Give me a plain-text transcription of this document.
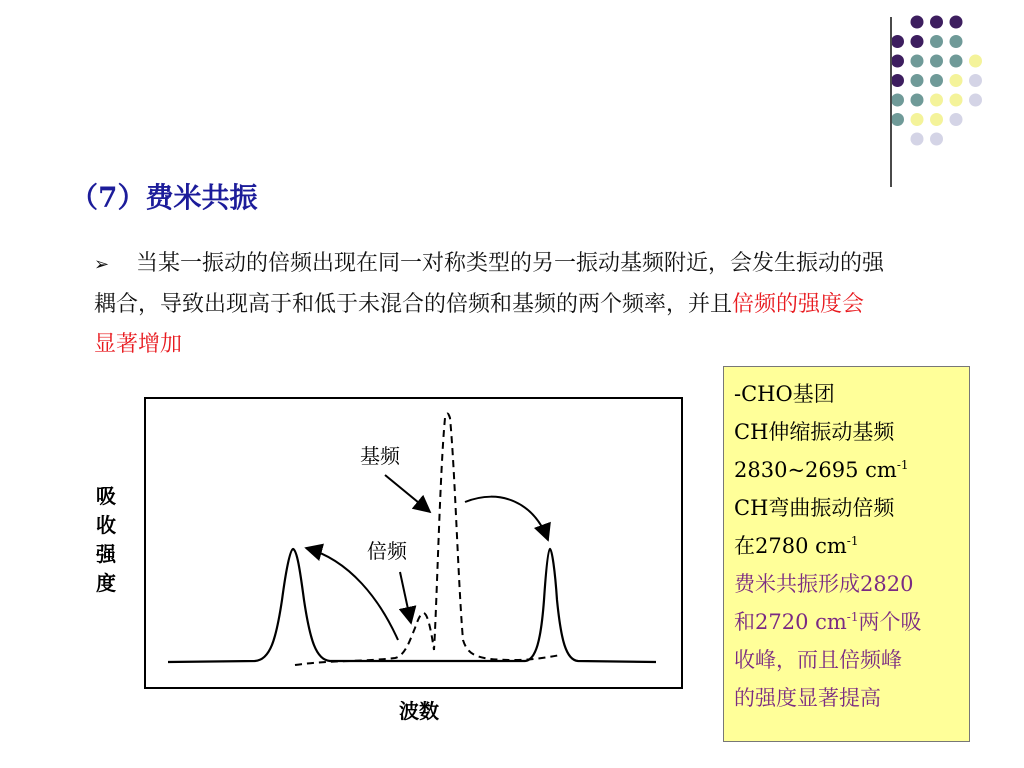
（7）费米共振
➢ 当某一振动的倍频出现在同一对称类型的另一振动基频附近，会发生振动的强耦合，导致出现高于和低于未混合的倍频和基频的两个频率，并且倍频的强度会显著增加
基频
倍频
吸收强度
波数
-CHO基团
CH伸缩振动基频
2830~2695 $cm^{-1}$
CH弯曲振动倍频
在2780 $cm^{-1}$
费米共振形成2820
和2720 $cm^{-1}$两个吸
收峰，而且倍频峰
的强度显著提高
